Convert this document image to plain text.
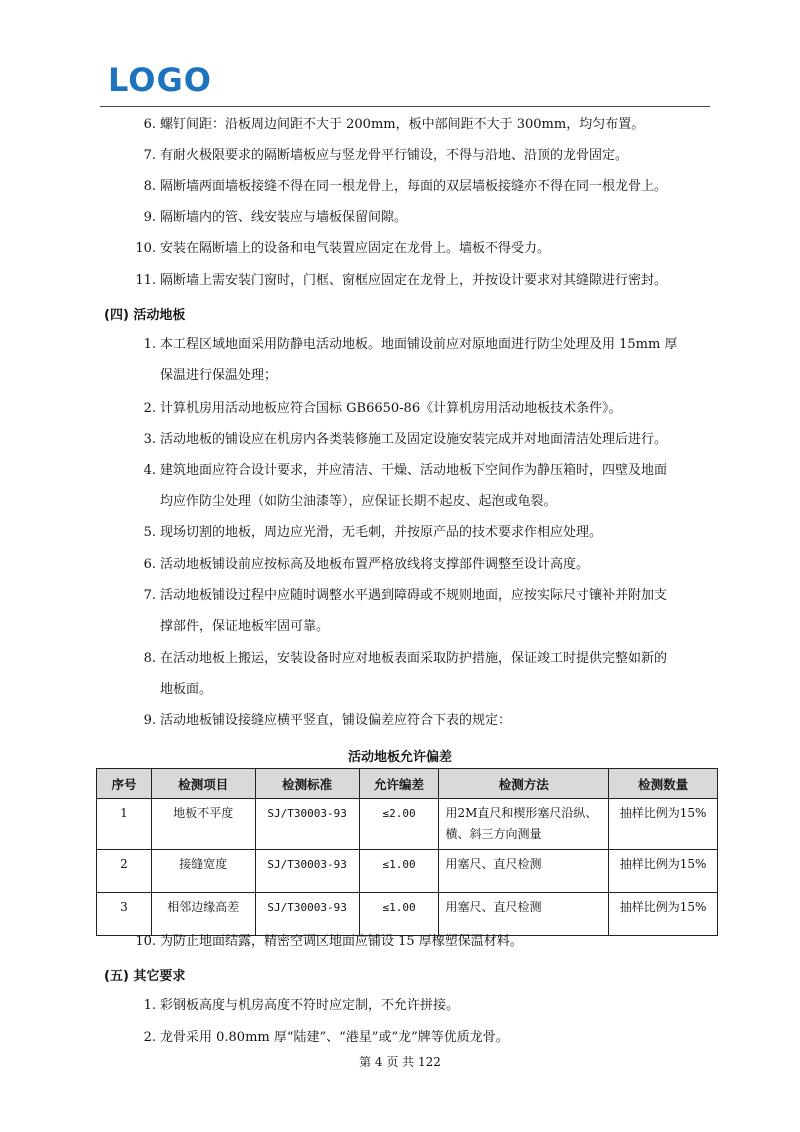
LOGO
6. 螺钉间距：沿板周边间距不大于 200mm，板中部间距不大于 300mm，均匀布置。
7. 有耐火极限要求的隔断墙板应与竖龙骨平行铺设，不得与沿地、沿顶的龙骨固定。
8. 隔断墙两面墙板接缝不得在同一根龙骨上，每面的双层墙板接缝亦不得在同一根龙骨上。
9. 隔断墙内的管、线安装应与墙板保留间隙。
10. 安装在隔断墙上的设备和电气装置应固定在龙骨上。墙板不得受力。
11. 隔断墙上需安装门窗时，门框、窗框应固定在龙骨上，并按设计要求对其缝隙进行密封。
(四) 活动地板
1. 本工程区域地面采用防静电活动地板。地面铺设前应对原地面进行防尘处理及用 15mm 厚
保温进行保温处理；
2. 计算机房用活动地板应符合国标 GB6650-86《计算机房用活动地板技术条件》。
3. 活动地板的铺设应在机房内各类装修施工及固定设施安装完成并对地面清洁处理后进行。
4. 建筑地面应符合设计要求，并应清洁、干燥、活动地板下空间作为静压箱时，四壁及地面
均应作防尘处理（如防尘油漆等），应保证长期不起皮、起泡或龟裂。
5. 现场切割的地板，周边应光滑，无毛刺，并按原产品的技术要求作相应处理。
6. 活动地板铺设前应按标高及地板布置严格放线将支撑部件调整至设计高度。
7. 活动地板铺设过程中应随时调整水平遇到障碍或不规则地面，应按实际尺寸镶补并附加支
撑部件，保证地板牢固可靠。
8. 在活动地板上搬运，安装设备时应对地板表面采取防护措施，保证竣工时提供完整如新的
地板面。
9. 活动地板铺设接缝应横平竖直，铺设偏差应符合下表的规定：
活动地板允许偏差
序号	检测项目	检测标准	允许编差	检测方法	检测数量
1	地板不平度	SJ/T30003-93	≤2.00	用2M直尺和楔形塞尺沿纵、横、斜三方向测量	抽样比例为15%
2	接缝宽度	SJ/T30003-93	≤1.00	用塞尺、直尺检测	抽样比例为15%
3	相邻边缘高差	SJ/T30003-93	≤1.00	用塞尺、直尺检测	抽样比例为15%
10. 为防止地面结露，精密空调区地面应铺设 15 厚橡塑保温材料。
(五) 其它要求
1. 彩钢板高度与机房高度不符时应定制，不允许拼接。
2. 龙骨采用 0.80mm 厚“陆建”、“港星”或”龙”牌等优质龙骨。
第 4 页 共 122
